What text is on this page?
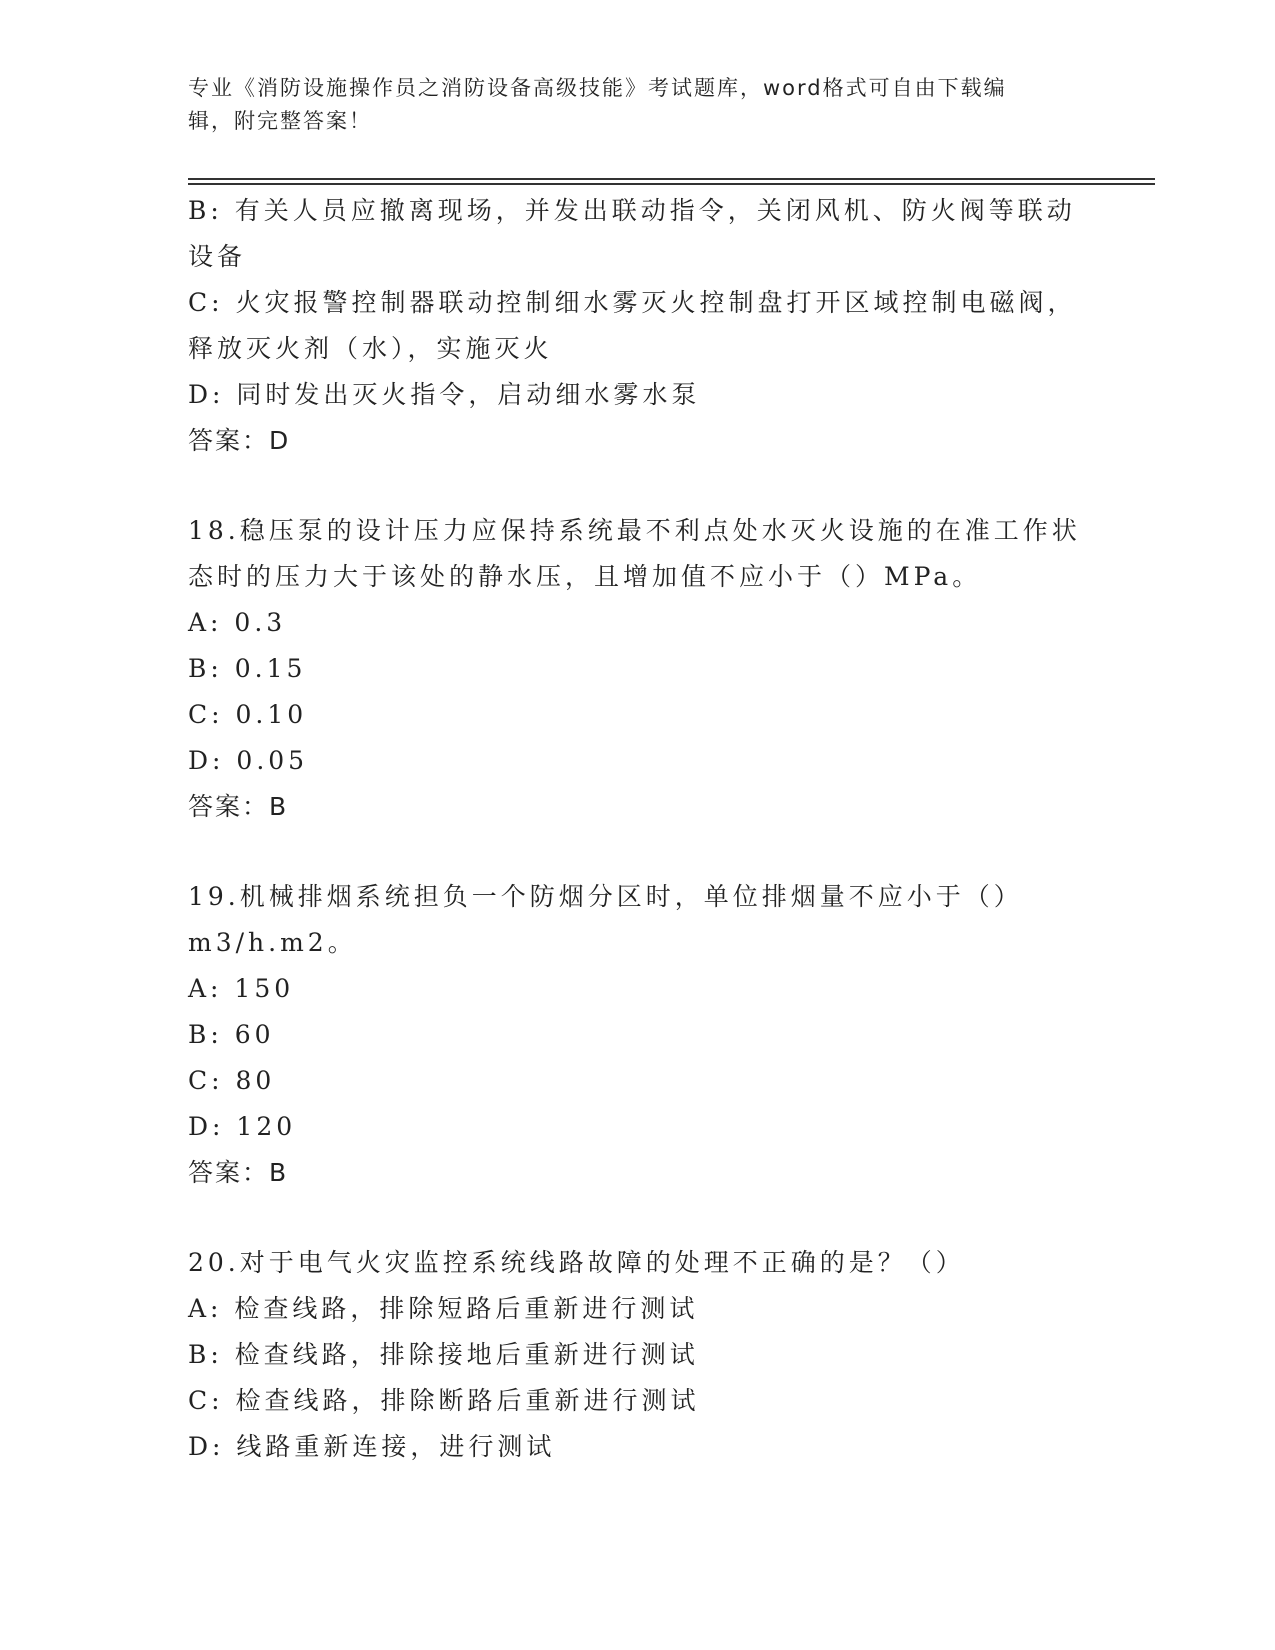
专业《消防设施操作员之消防设备高级技能》考试题库，word格式可自由下载编
辑，附完整答案！
B: 有关人员应撤离现场，并发出联动指令，关闭风机、防火阀等联动
设备
C: 火灾报警控制器联动控制细水雾灭火控制盘打开区域控制电磁阀，
释放灭火剂（水），实施灭火
D: 同时发出灭火指令，启动细水雾水泵
答案：D
18.稳压泵的设计压力应保持系统最不利点处水灭火设施的在准工作状
态时的压力大于该处的静水压，且增加值不应小于（）MPa。
A: 0.3
B: 0.15
C: 0.10
D: 0.05
答案：B
19.机械排烟系统担负一个防烟分区时，单位排烟量不应小于（）
m3/h.m2。
A: 150
B: 60
C: 80
D: 120
答案：B
20.对于电气火灾监控系统线路故障的处理不正确的是？（）
A: 检查线路，排除短路后重新进行测试
B: 检查线路，排除接地后重新进行测试
C: 检查线路，排除断路后重新进行测试
D: 线路重新连接，进行测试
